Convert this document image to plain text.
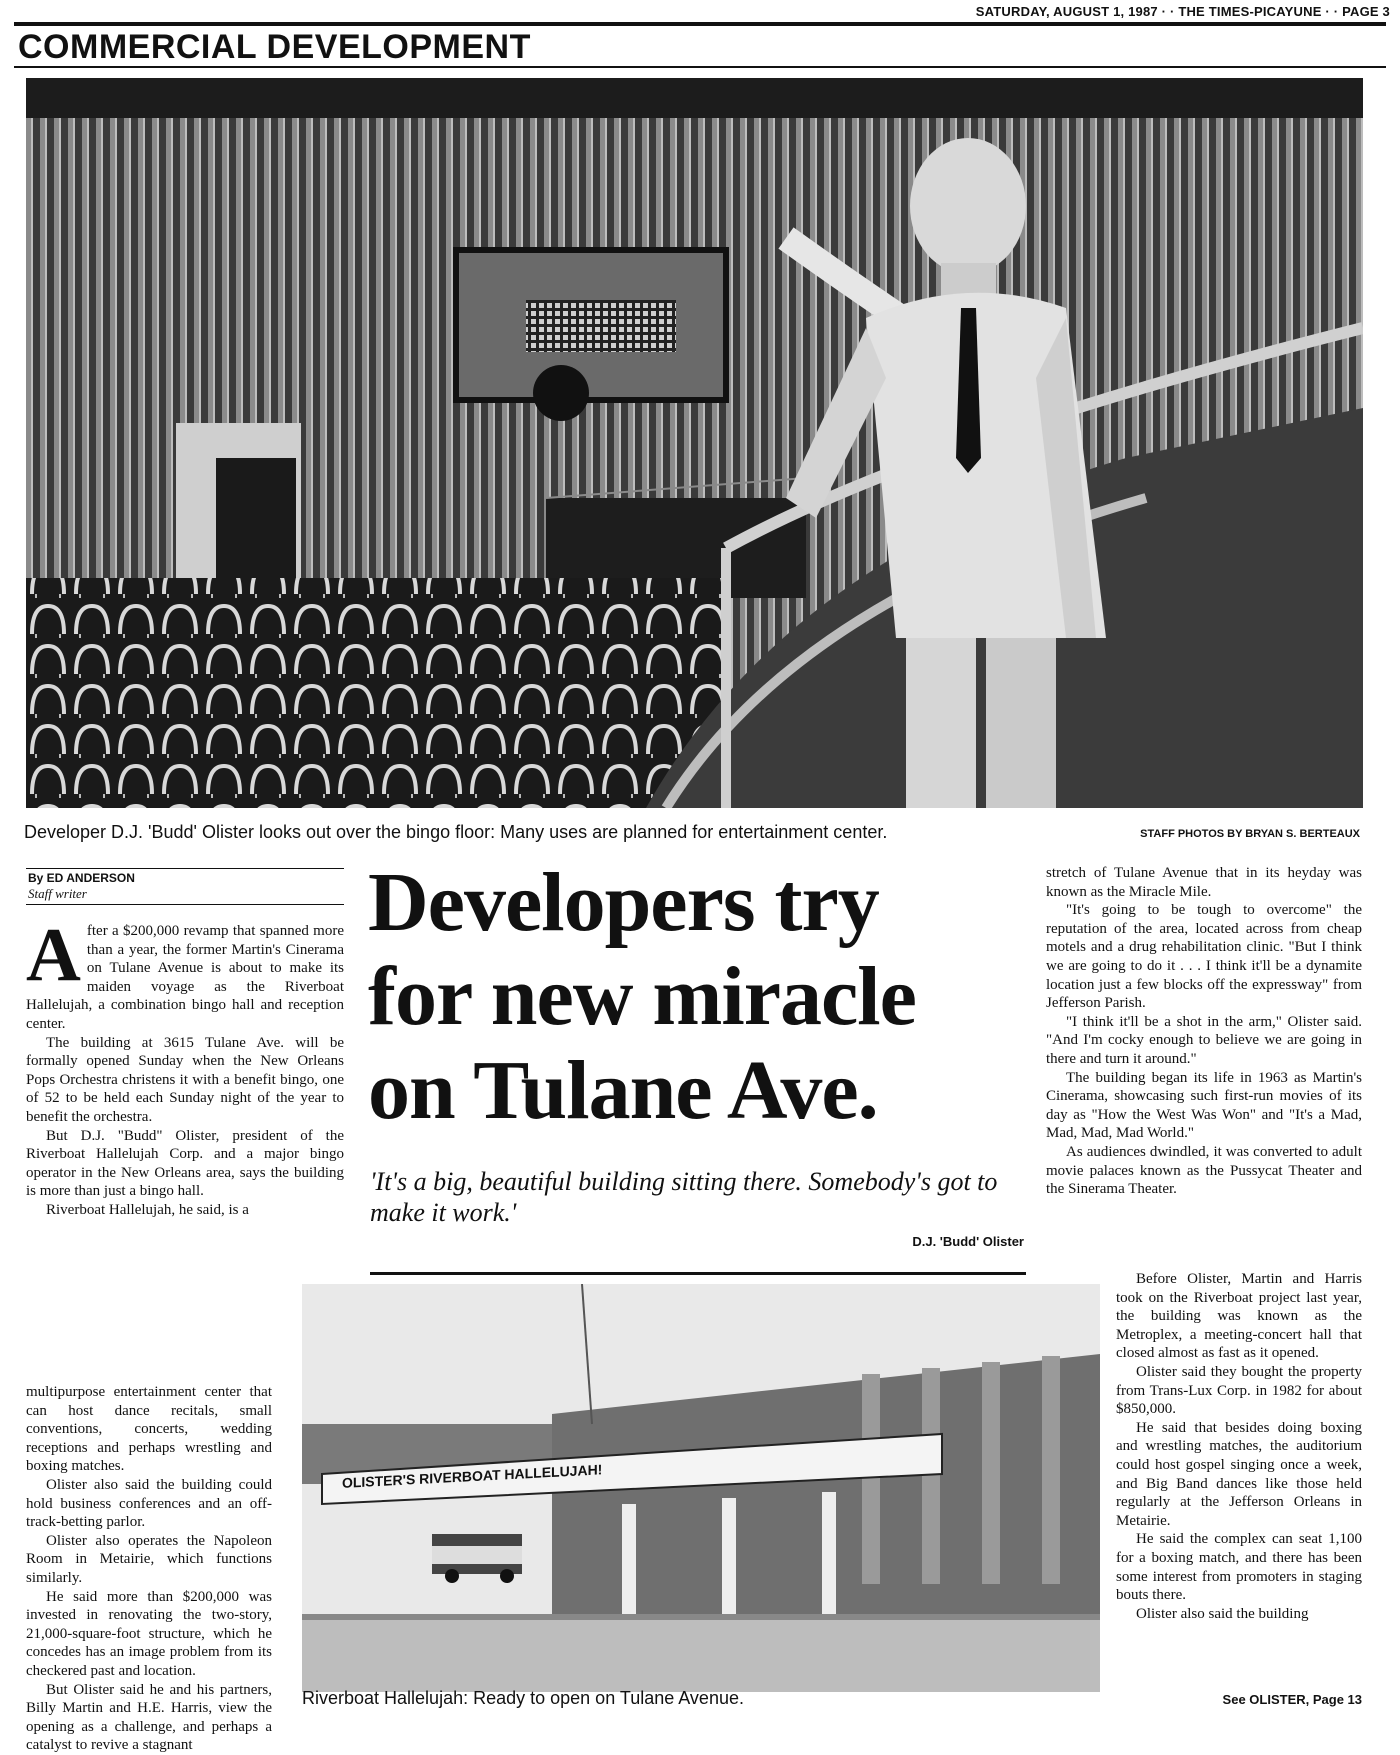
SATURDAY, AUGUST 1, 1987 · · THE TIMES-PICAYUNE · · PAGE 3
COMMERCIAL DEVELOPMENT
Developer D.J. 'Budd' Olister looks out over the bingo floor: Many uses are planned for entertainment center.	STAFF PHOTOS BY BRYAN S. BERTEAUX
By ED ANDERSON
Staff writer	Developers try
for new miracle
on Tulane Ave.
'It's a big, beautiful building sitting there. Somebody's got to make it work.'
D.J. 'Budd' Olister

After a $200,000 revamp that spanned more than a year, the former Martin's Cinerama on Tulane Avenue is about to make its maiden voyage as the Riverboat Hallelujah, a combination bingo hall and reception center.

The building at 3615 Tulane Ave. will be formally opened Sunday when the New Orleans Pops Orchestra christens it with a benefit bingo, one of 52 to be held each Sunday night of the year to benefit the orchestra.

But D.J. "Budd" Olister, president of the Riverboat Hallelujah Corp. and a major bingo operator in the New Orleans area, says the building is more than just a bingo hall.

Riverboat Hallelujah, he said, is a

multipurpose entertainment center that can host dance recitals, small conventions, concerts, wedding receptions and perhaps wrestling and boxing matches.

Olister also said the building could hold business conferences and an off-track-betting parlor.

Olister also operates the Napoleon Room in Metairie, which functions similarly.

He said more than $200,000 was invested in renovating the two-story, 21,000-square-foot structure, which he concedes has an image problem from its checkered past and location.

But Olister said he and his partners, Billy Martin and H.E. Harris, view the opening as a challenge, and perhaps a catalyst to revive a stagnant

stretch of Tulane Avenue that in its heyday was known as the Miracle Mile.

"It's going to be tough to overcome" the reputation of the area, located across from cheap motels and a drug rehabilitation clinic. "But I think we are going to do it . . . I think it'll be a dynamite location just a few blocks off the expressway" from Jefferson Parish.

"I think it'll be a shot in the arm," Olister said. "And I'm cocky enough to believe we are going in there and turn it around."

The building began its life in 1963 as Martin's Cinerama, showcasing such first-run movies of its day as "How the West Was Won" and "It's a Mad, Mad, Mad, Mad World."

As audiences dwindled, it was converted to adult movie palaces known as the Pussycat Theater and the Sinerama Theater.

Before Olister, Martin and Harris took on the Riverboat project last year, the building was known as the Metroplex, a meeting-concert hall that closed almost as fast as it opened.

Olister said they bought the property from Trans-Lux Corp. in 1982 for about $850,000.

He said that besides doing boxing and wrestling matches, the auditorium could host gospel singing once a week, and Big Band dances like those held regularly at the Jefferson Orleans in Metairie.

He said the complex can seat 1,100 for a boxing match, and there has been some interest from promoters in staging bouts there.

Olister also said the building

OLISTER'S RIVERBOAT HALLELUJAH!
Riverboat Hallelujah: Ready to open on Tulane Avenue.	See OLISTER, Page 13
